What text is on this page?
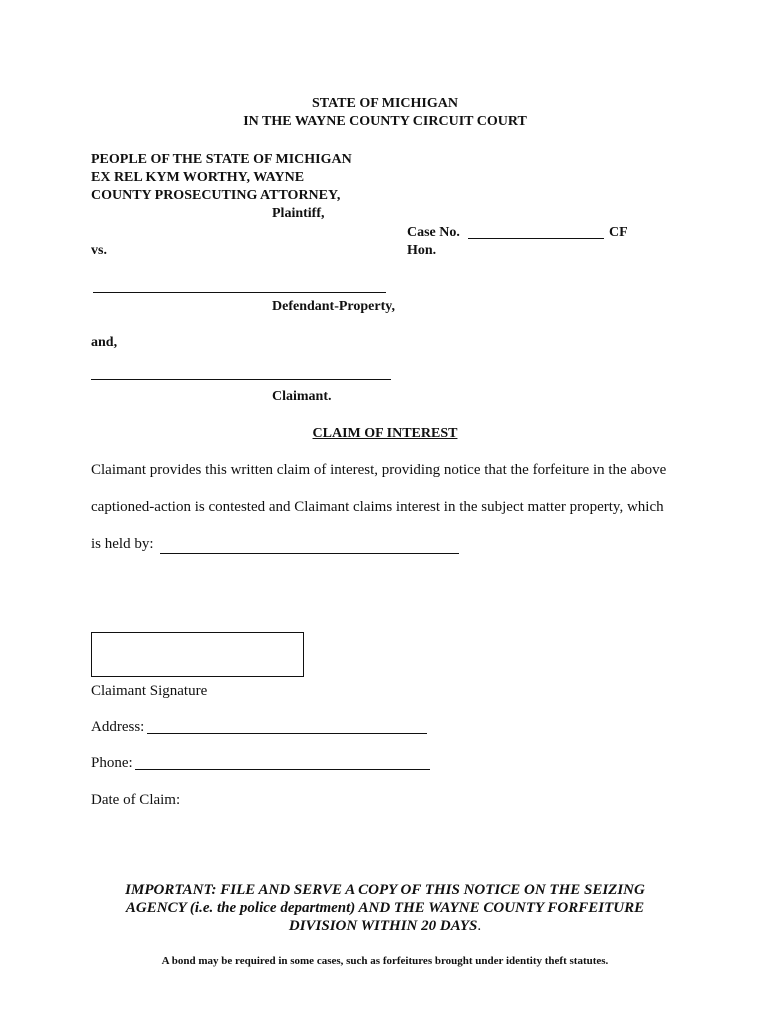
STATE OF MICHIGAN
IN THE WAYNE COUNTY CIRCUIT COURT
PEOPLE OF THE STATE OF MICHIGAN
EX REL KYM WORTHY, WAYNE
COUNTY PROSECUTING ATTORNEY,
Plaintiff,
Case No.	CF
Hon.
vs.
Defendant-Property,
and,
Claimant.
CLAIM OF INTEREST
Claimant provides this written claim of interest, providing notice that the forfeiture in the above
captioned-action is contested and Claimant claims interest in the subject matter property, which
is held by:
Claimant Signature
Address:
Phone:
Date of Claim:
IMPORTANT: FILE AND SERVE A COPY OF THIS NOTICE ON THE SEIZING
AGENCY (i.e. the police department) AND THE WAYNE COUNTY FORFEITURE
DIVISION WITHIN 20 DAYS.
A bond may be required in some cases, such as forfeitures brought under identity theft statutes.
